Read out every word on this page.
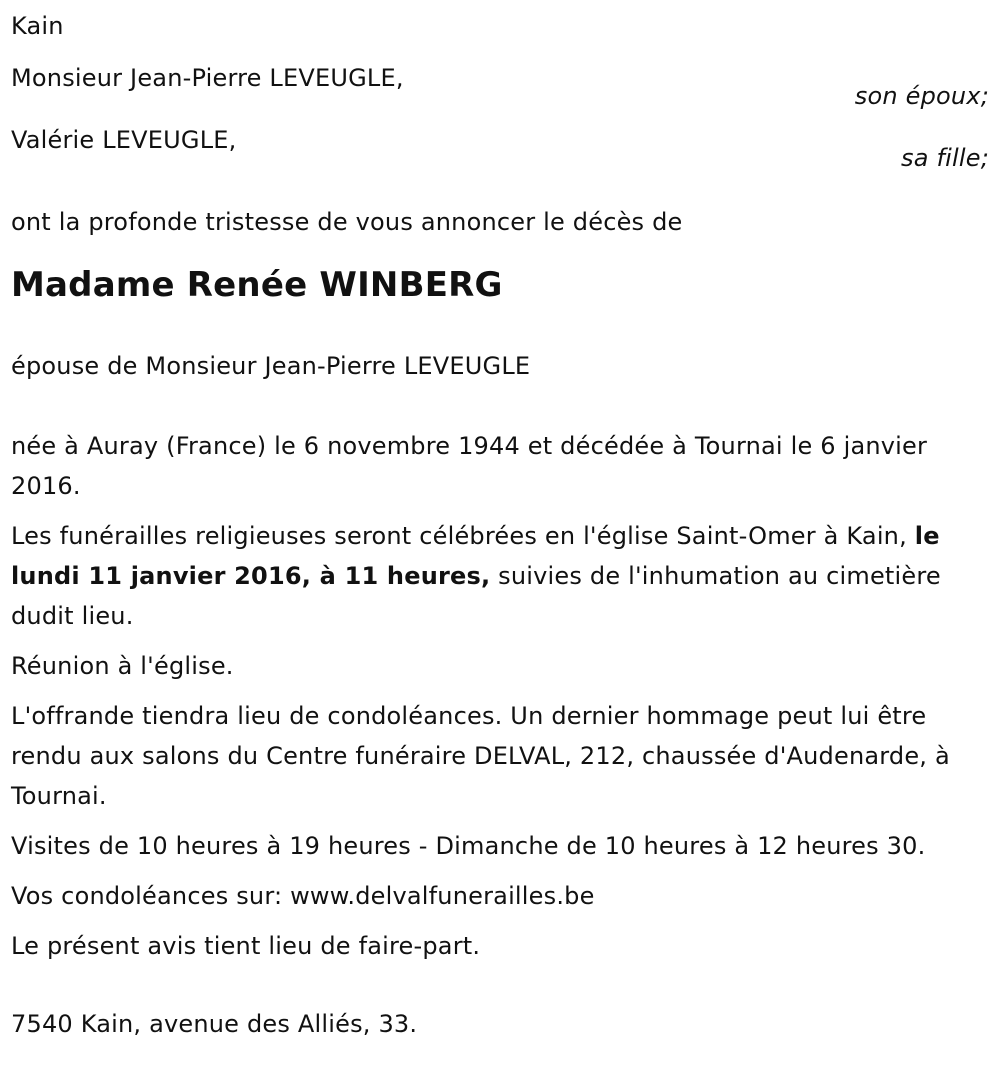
Kain

Monsieur Jean-Pierre LEVEUGLE,

son époux;

Valérie LEVEUGLE,

sa fille;

ont la profonde tristesse de vous annoncer le décès de

Madame Renée WINBERG

épouse de Monsieur Jean-Pierre LEVEUGLE

née à Auray (France) le 6 novembre 1944 et décédée à Tournai le 6 janvier 2016.

Les funérailles religieuses seront célébrées en l'église Saint-Omer à Kain, le lundi 11 janvier 2016, à 11 heures, suivies de l'inhumation au cimetière dudit lieu.

Réunion à l'église.

L'offrande tiendra lieu de condoléances. Un dernier hommage peut lui être rendu aux salons du Centre funéraire DELVAL, 212, chaussée d'Audenarde, à Tournai.

Visites de 10 heures à 19 heures - Dimanche de 10 heures à 12 heures 30.

Vos condoléances sur: www.delvalfunerailles.be

Le présent avis tient lieu de faire-part.

7540 Kain, avenue des Alliés, 33.
